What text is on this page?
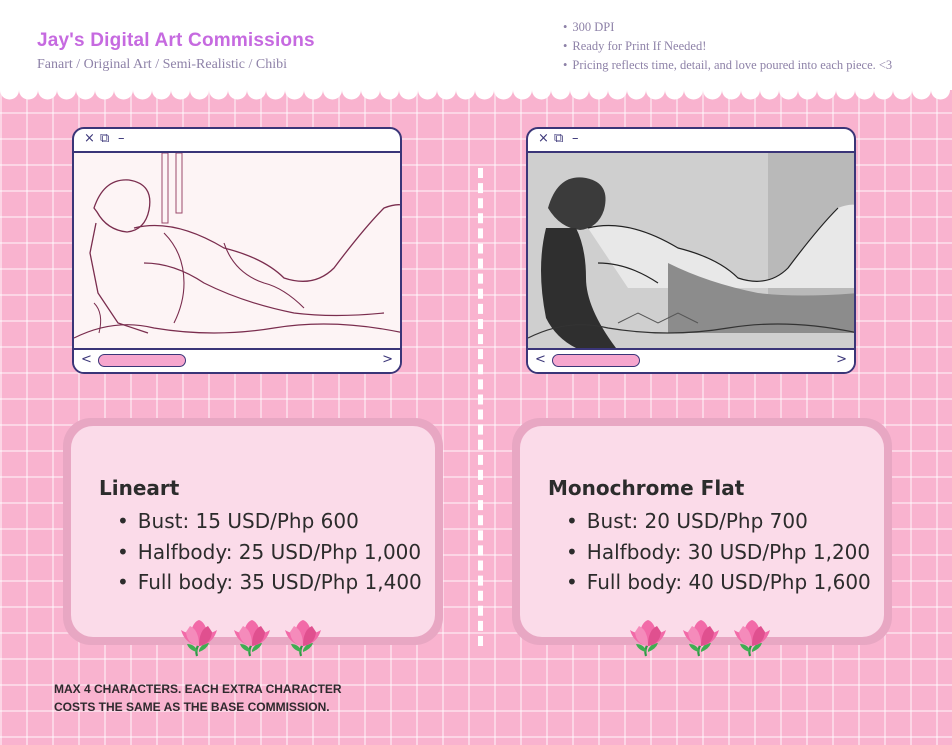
Jay's Digital Art Commissions
Fanart / Original Art / Semi-Realistic / Chibi
• 300 DPI
• Ready for Print If Needed!
• Pricing reflects time, detail, and love poured into each piece. <3
× ⧉ –
<	>
× ⧉ –
<	>
Lineart
• Bust: 15 USD/Php 600
• Halfbody: 25 USD/Php 1,000
• Full body: 35 USD/Php 1,400
Monochrome Flat
• Bust: 20 USD/Php 700
• Halfbody: 30 USD/Php 1,200
• Full body: 40 USD/Php 1,600
MAX 4 CHARACTERS. EACH EXTRA CHARACTER
COSTS THE SAME AS THE BASE COMMISSION.
